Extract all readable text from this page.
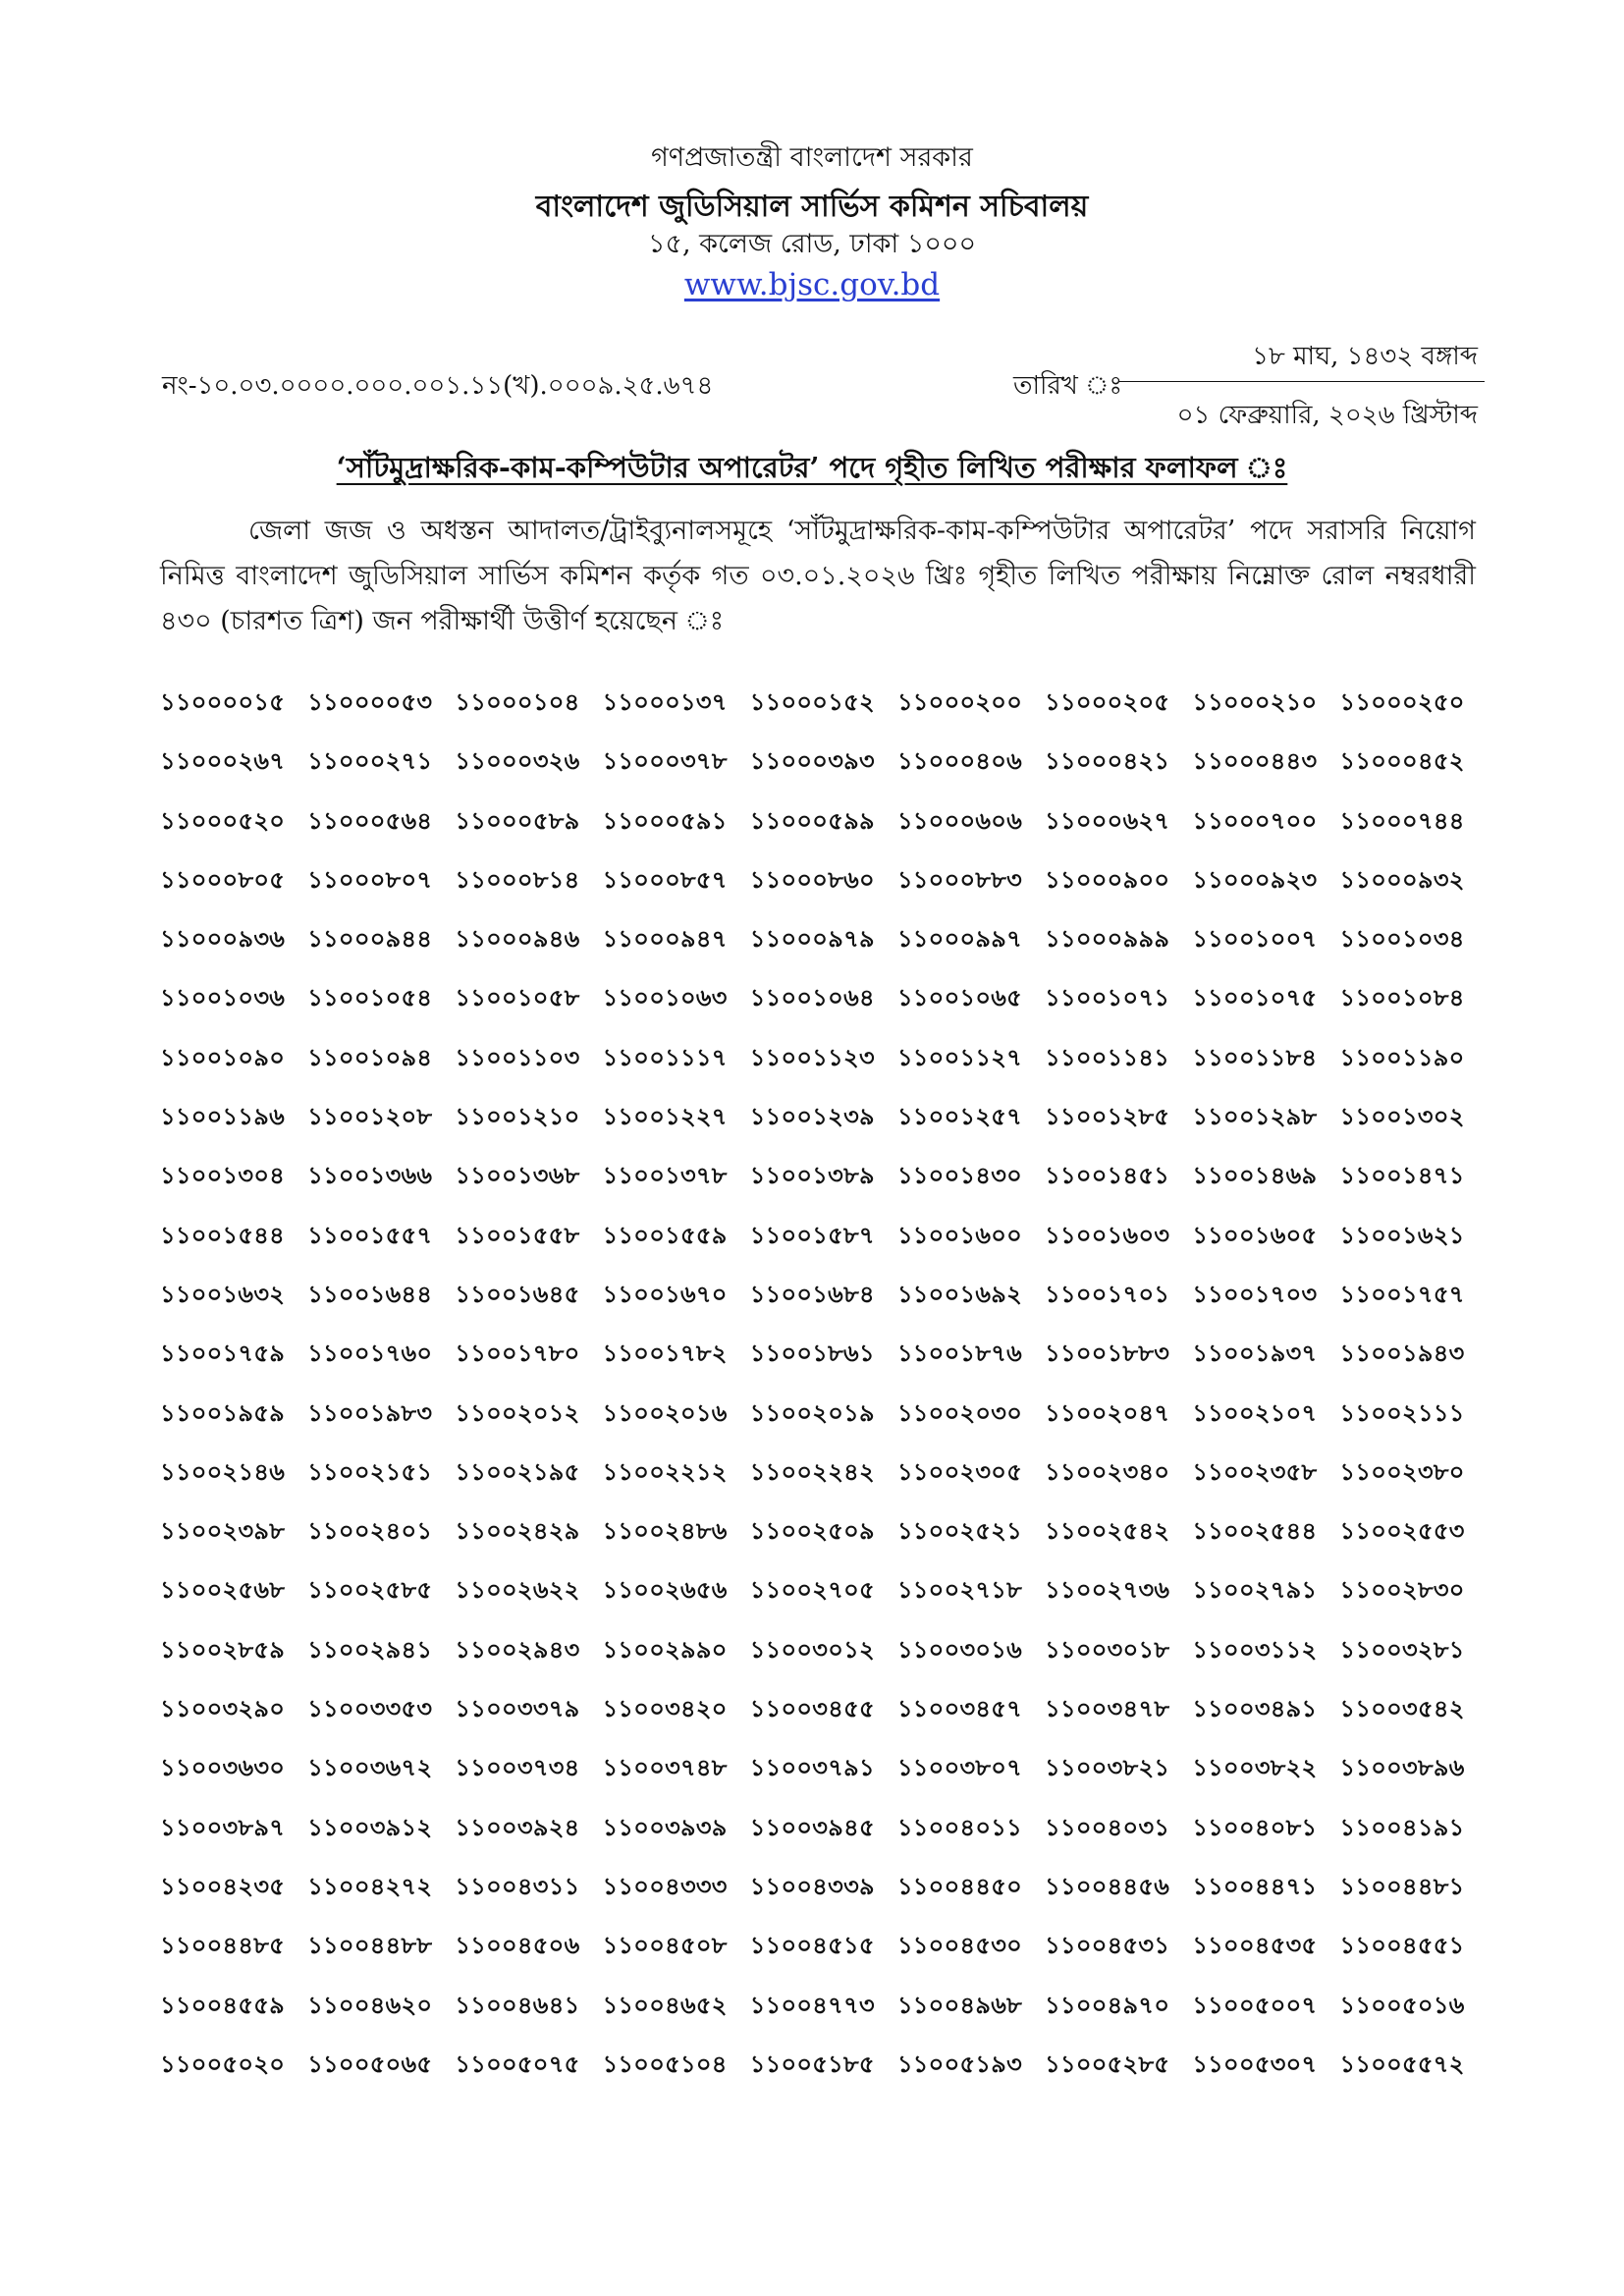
গণপ্রজাতন্ত্রী বাংলাদেশ সরকার
বাংলাদেশ জুডিসিয়াল সার্ভিস কমিশন সচিবালয়
১৫, কলেজ রোড, ঢাকা ১০০০
www.bjsc.gov.bd
নং-১০.০৩.০০০০.০০০.০০১.১১(খ).০০০৯.২৫.৬৭৪	তারিখ ঃ
১৮ মাঘ, ১৪৩২ বঙ্গাব্দ
০১ ফেব্রুয়ারি, ২০২৬ খ্রিস্টাব্দ
‘সাঁটমুদ্রাক্ষরিক-কাম-কম্পিউটার অপারেটর’ পদে গৃহীত লিখিত পরীক্ষার ফলাফল ঃ

জেলা জজ ও অধস্তন আদালত/ট্রাইব্যুনালসমূহে ‘সাঁটমুদ্রাক্ষরিক-কাম-কম্পিউটার অপারেটর’ পদে সরাসরি নিয়োগ নিমিত্ত বাংলাদেশ জুডিসিয়াল সার্ভিস কমিশন কর্তৃক গত ০৩.০১.২০২৬ খ্রিঃ গৃহীত লিখিত পরীক্ষায় নিম্নোক্ত রোল নম্বরধারী ৪৩০ (চারশত ত্রিশ) জন পরীক্ষার্থী উত্তীর্ণ হয়েছেন ঃ

১১০০০০১৫ ১১০০০০৫৩ ১১০০০১০৪ ১১০০০১৩৭ ১১০০০১৫২ ১১০০০২০০ ১১০০০২০৫ ১১০০০২১০ ১১০০০২৫০
১১০০০২৬৭ ১১০০০২৭১ ১১০০০৩২৬ ১১০০০৩৭৮ ১১০০০৩৯৩ ১১০০০৪০৬ ১১০০০৪২১ ১১০০০৪৪৩ ১১০০০৪৫২
১১০০০৫২০ ১১০০০৫৬৪ ১১০০০৫৮৯ ১১০০০৫৯১ ১১০০০৫৯৯ ১১০০০৬০৬ ১১০০০৬২৭ ১১০০০৭০০ ১১০০০৭৪৪
১১০০০৮০৫ ১১০০০৮০৭ ১১০০০৮১৪ ১১০০০৮৫৭ ১১০০০৮৬০ ১১০০০৮৮৩ ১১০০০৯০০ ১১০০০৯২৩ ১১০০০৯৩২
১১০০০৯৩৬ ১১০০০৯৪৪ ১১০০০৯৪৬ ১১০০০৯৪৭ ১১০০০৯৭৯ ১১০০০৯৯৭ ১১০০০৯৯৯ ১১০০১০০৭ ১১০০১০৩৪
১১০০১০৩৬ ১১০০১০৫৪ ১১০০১০৫৮ ১১০০১০৬৩ ১১০০১০৬৪ ১১০০১০৬৫ ১১০০১০৭১ ১১০০১০৭৫ ১১০০১০৮৪
১১০০১০৯০ ১১০০১০৯৪ ১১০০১১০৩ ১১০০১১১৭ ১১০০১১২৩ ১১০০১১২৭ ১১০০১১৪১ ১১০০১১৮৪ ১১০০১১৯০
১১০০১১৯৬ ১১০০১২০৮ ১১০০১২১০ ১১০০১২২৭ ১১০০১২৩৯ ১১০০১২৫৭ ১১০০১২৮৫ ১১০০১২৯৮ ১১০০১৩০২
১১০০১৩০৪ ১১০০১৩৬৬ ১১০০১৩৬৮ ১১০০১৩৭৮ ১১০০১৩৮৯ ১১০০১৪৩০ ১১০০১৪৫১ ১১০০১৪৬৯ ১১০০১৪৭১
১১০০১৫৪৪ ১১০০১৫৫৭ ১১০০১৫৫৮ ১১০০১৫৫৯ ১১০০১৫৮৭ ১১০০১৬০০ ১১০০১৬০৩ ১১০০১৬০৫ ১১০০১৬২১
১১০০১৬৩২ ১১০০১৬৪৪ ১১০০১৬৪৫ ১১০০১৬৭০ ১১০০১৬৮৪ ১১০০১৬৯২ ১১০০১৭০১ ১১০০১৭০৩ ১১০০১৭৫৭
১১০০১৭৫৯ ১১০০১৭৬০ ১১০০১৭৮০ ১১০০১৭৮২ ১১০০১৮৬১ ১১০০১৮৭৬ ১১০০১৮৮৩ ১১০০১৯৩৭ ১১০০১৯৪৩
১১০০১৯৫৯ ১১০০১৯৮৩ ১১০০২০১২ ১১০০২০১৬ ১১০০২০১৯ ১১০০২০৩০ ১১০০২০৪৭ ১১০০২১০৭ ১১০০২১১১
১১০০২১৪৬ ১১০০২১৫১ ১১০০২১৯৫ ১১০০২২১২ ১১০০২২৪২ ১১০০২৩০৫ ১১০০২৩৪০ ১১০০২৩৫৮ ১১০০২৩৮০
১১০০২৩৯৮ ১১০০২৪০১ ১১০০২৪২৯ ১১০০২৪৮৬ ১১০০২৫০৯ ১১০০২৫২১ ১১০০২৫৪২ ১১০০২৫৪৪ ১১০০২৫৫৩
১১০০২৫৬৮ ১১০০২৫৮৫ ১১০০২৬২২ ১১০০২৬৫৬ ১১০০২৭০৫ ১১০০২৭১৮ ১১০০২৭৩৬ ১১০০২৭৯১ ১১০০২৮৩০
১১০০২৮৫৯ ১১০০২৯৪১ ১১০০২৯৪৩ ১১০০২৯৯০ ১১০০৩০১২ ১১০০৩০১৬ ১১০০৩০১৮ ১১০০৩১১২ ১১০০৩২৮১
১১০০৩২৯০ ১১০০৩৩৫৩ ১১০০৩৩৭৯ ১১০০৩৪২০ ১১০০৩৪৫৫ ১১০০৩৪৫৭ ১১০০৩৪৭৮ ১১০০৩৪৯১ ১১০০৩৫৪২
১১০০৩৬৩০ ১১০০৩৬৭২ ১১০০৩৭৩৪ ১১০০৩৭৪৮ ১১০০৩৭৯১ ১১০০৩৮০৭ ১১০০৩৮২১ ১১০০৩৮২২ ১১০০৩৮৯৬
১১০০৩৮৯৭ ১১০০৩৯১২ ১১০০৩৯২৪ ১১০০৩৯৩৯ ১১০০৩৯৪৫ ১১০০৪০১১ ১১০০৪০৩১ ১১০০৪০৮১ ১১০০৪১৯১
১১০০৪২৩৫ ১১০০৪২৭২ ১১০০৪৩১১ ১১০০৪৩৩৩ ১১০০৪৩৩৯ ১১০০৪৪৫০ ১১০০৪৪৫৬ ১১০০৪৪৭১ ১১০০৪৪৮১
১১০০৪৪৮৫ ১১০০৪৪৮৮ ১১০০৪৫০৬ ১১০০৪৫০৮ ১১০০৪৫১৫ ১১০০৪৫৩০ ১১০০৪৫৩১ ১১০০৪৫৩৫ ১১০০৪৫৫১
১১০০৪৫৫৯ ১১০০৪৬২০ ১১০০৪৬৪১ ১১০০৪৬৫২ ১১০০৪৭৭৩ ১১০০৪৯৬৮ ১১০০৪৯৭০ ১১০০৫০০৭ ১১০০৫০১৬
১১০০৫০২০ ১১০০৫০৬৫ ১১০০৫০৭৫ ১১০০৫১০৪ ১১০০৫১৮৫ ১১০০৫১৯৩ ১১০০৫২৮৫ ১১০০৫৩০৭ ১১০০৫৫৭২
